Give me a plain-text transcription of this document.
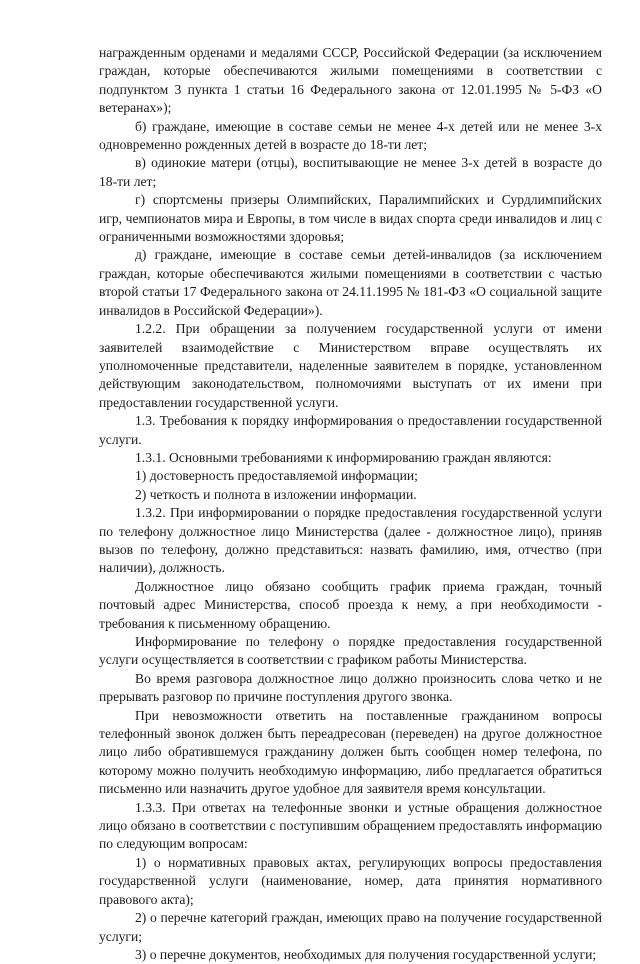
награжденным орденами и медалями СССР, Российской Федерации (за исключением граждан, которые обеспечиваются жилыми помещениями в соответствии с подпунктом 3 пункта 1 статьи 16 Федерального закона от 12.01.1995 № 5-ФЗ «О ветеранах»);

б) граждане, имеющие в составе семьи не менее 4-х детей или не менее 3-х одновременно рожденных детей в возрасте до 18-ти лет;

в) одинокие матери (отцы), воспитывающие не менее 3-х детей в возрасте до 18-ти лет;

г) спортсмены призеры Олимпийских, Паралимпийских и Сурдлимпийских игр, чемпионатов мира и Европы, в том числе в видах спорта среди инвалидов и лиц с ограниченными возможностями здоровья;

д) граждане, имеющие в составе семьи детей-инвалидов (за исключением граждан, которые обеспечиваются жилыми помещениями в соответствии с частью второй статьи 17 Федерального закона от 24.11.1995 № 181-ФЗ «О социальной защите инвалидов в Российской Федерации»).

1.2.2. При обращении за получением государственной услуги от имени заявителей взаимодействие с Министерством вправе осуществлять их уполномоченные представители, наделенные заявителем в порядке, установленном действующим законодательством, полномочиями выступать от их имени при предоставлении государственной услуги.

1.3. Требования к порядку информирования о предоставлении государственной услуги.

1.3.1. Основными требованиями к информированию граждан являются:

1) достоверность предоставляемой информации;

2) четкость и полнота в изложении информации.

1.3.2. При информировании о порядке предоставления государственной услуги по телефону должностное лицо Министерства (далее - должностное лицо), приняв вызов по телефону, должно представиться: назвать фамилию, имя, отчество (при наличии), должность.

Должностное лицо обязано сообщить график приема граждан, точный почтовый адрес Министерства, способ проезда к нему, а при необходимости - требования к письменному обращению.

Информирование по телефону о порядке предоставления государственной услуги осуществляется в соответствии с графиком работы Министерства.

Во время разговора должностное лицо должно произносить слова четко и не прерывать разговор по причине поступления другого звонка.

При невозможности ответить на поставленные гражданином вопросы телефонный звонок должен быть переадресован (переведен) на другое должностное лицо либо обратившемуся гражданину должен быть сообщен номер телефона, по которому можно получить необходимую информацию, либо предлагается обратиться письменно или назначить другое удобное для заявителя время консультации.

1.3.3. При ответах на телефонные звонки и устные обращения должностное лицо обязано в соответствии с поступившим обращением предоставлять информацию по следующим вопросам:

1) о нормативных правовых актах, регулирующих вопросы предоставления государственной услуги (наименование, номер, дата принятия нормативного правового акта);

2) о перечне категорий граждан, имеющих право на получение государственной услуги;

3) о перечне документов, необходимых для получения государственной услуги;
